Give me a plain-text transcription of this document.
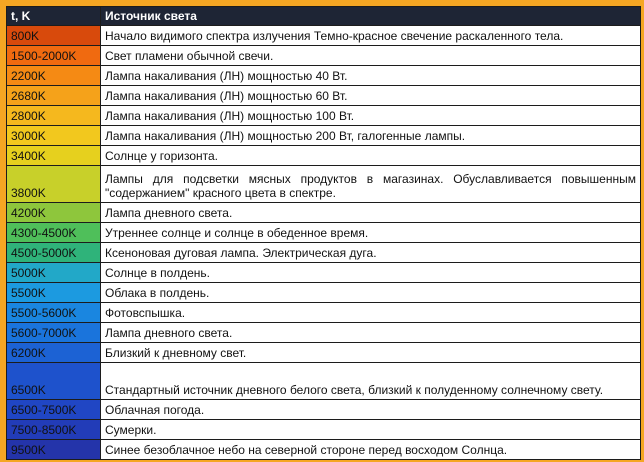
t, K	Источник света
800K	Начало видимого спектра излучения Темно-красное свечение раскаленного тела.
1500-2000K	Свет пламени обычной свечи.
2200K	Лампа накаливания (ЛН) мощностью 40 Вт.
2680K	Лампа накаливания (ЛН) мощностью 60 Вт.
2800K	Лампа накаливания (ЛН) мощностью 100 Вт.
3000K	Лампа накаливания (ЛН) мощностью 200 Вт, галогенные лампы.
3400K	Солнце у горизонта.
3800K	Лампы для подсветки мясных продуктов в магазинах. Обуславливается повышенным "содержанием" красного цвета в спектре.
4200K	Лампа дневного света.
4300-4500K	Утреннее солнце и солнце в обеденное время.
4500-5000K	Ксеноновая дуговая лампа. Электрическая дуга.
5000K	Солнце в полдень.
5500K	Облака в полдень.
5500-5600K	Фотовспышка.
5600-7000K	Лампа дневного света.
6200K	Близкий к дневному свет.
6500K	Стандартный источник дневного белого света, близкий к полуденному солнечному свету.
6500-7500K	Облачная погода.
7500-8500K	Сумерки.
9500K	Синее безоблачное небо на северной стороне перед восходом Солнца.
